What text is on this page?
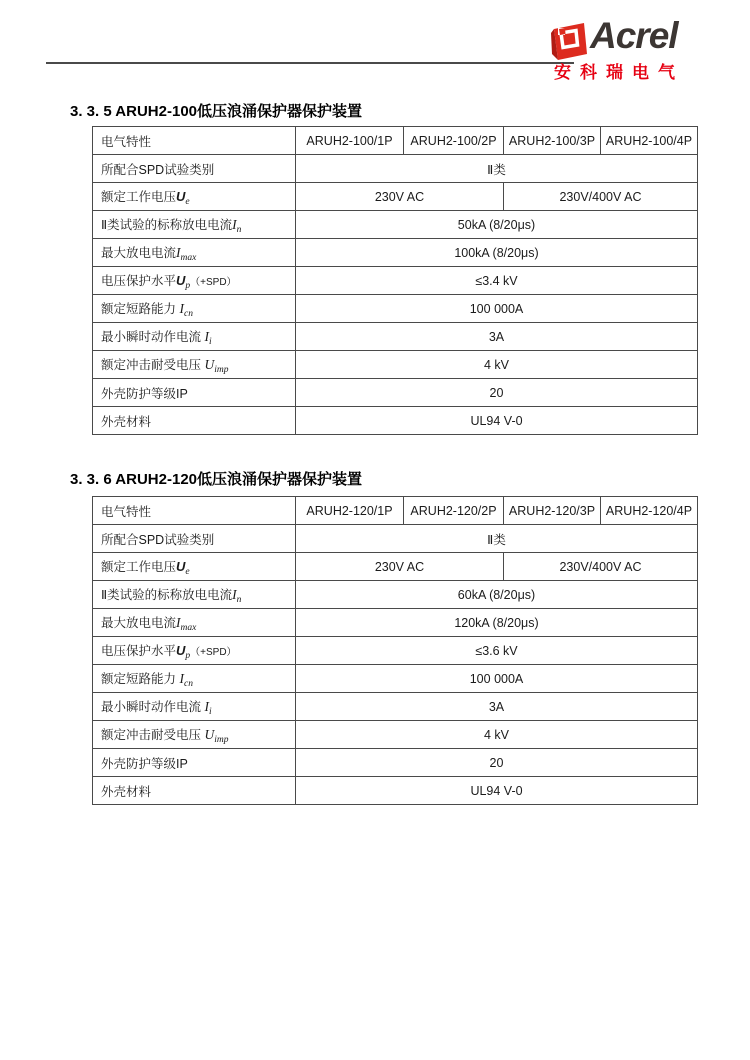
Acrel
安科瑞电气
3. 3. 5 ARUH2-100低压浪涌保护器保护装置
电气特性	ARUH2-100/1P	ARUH2-100/2P	ARUH2-100/3P	ARUH2-100/4P
所配合SPD试验类别	Ⅱ类			
额定工作电压$U_e$	230V AC		230V/400V AC	
Ⅱ类试验的标称放电电流$I_n$	50kA (8/20μs)			
最大放电电流$I_{max}$	100kA (8/20μs)			
电压保护水平$U_p(+SPD)$	≤3.4 kV			
额定短路能力 $I_{cn}$	100 000A			
最小瞬时动作电流 $I_i$	3A			
额定冲击耐受电压 $U_{imp}$	4 kV			
外壳防护等级IP	20			
外壳材料	UL94 V-0			
3. 3. 6 ARUH2-120低压浪涌保护器保护装置
电气特性	ARUH2-120/1P	ARUH2-120/2P	ARUH2-120/3P	ARUH2-120/4P
所配合SPD试验类别	Ⅱ类			
额定工作电压$U_e$	230V AC		230V/400V AC	
Ⅱ类试验的标称放电电流$I_n$	60kA (8/20μs)			
最大放电电流$I_{max}$	120kA (8/20μs)			
电压保护水平$U_p(+SPD)$	≤3.6 kV			
额定短路能力 $I_{cn}$	100 000A			
最小瞬时动作电流 $I_i$	3A			
额定冲击耐受电压 $U_{imp}$	4 kV			
外壳防护等级IP	20			
外壳材料	UL94 V-0			
